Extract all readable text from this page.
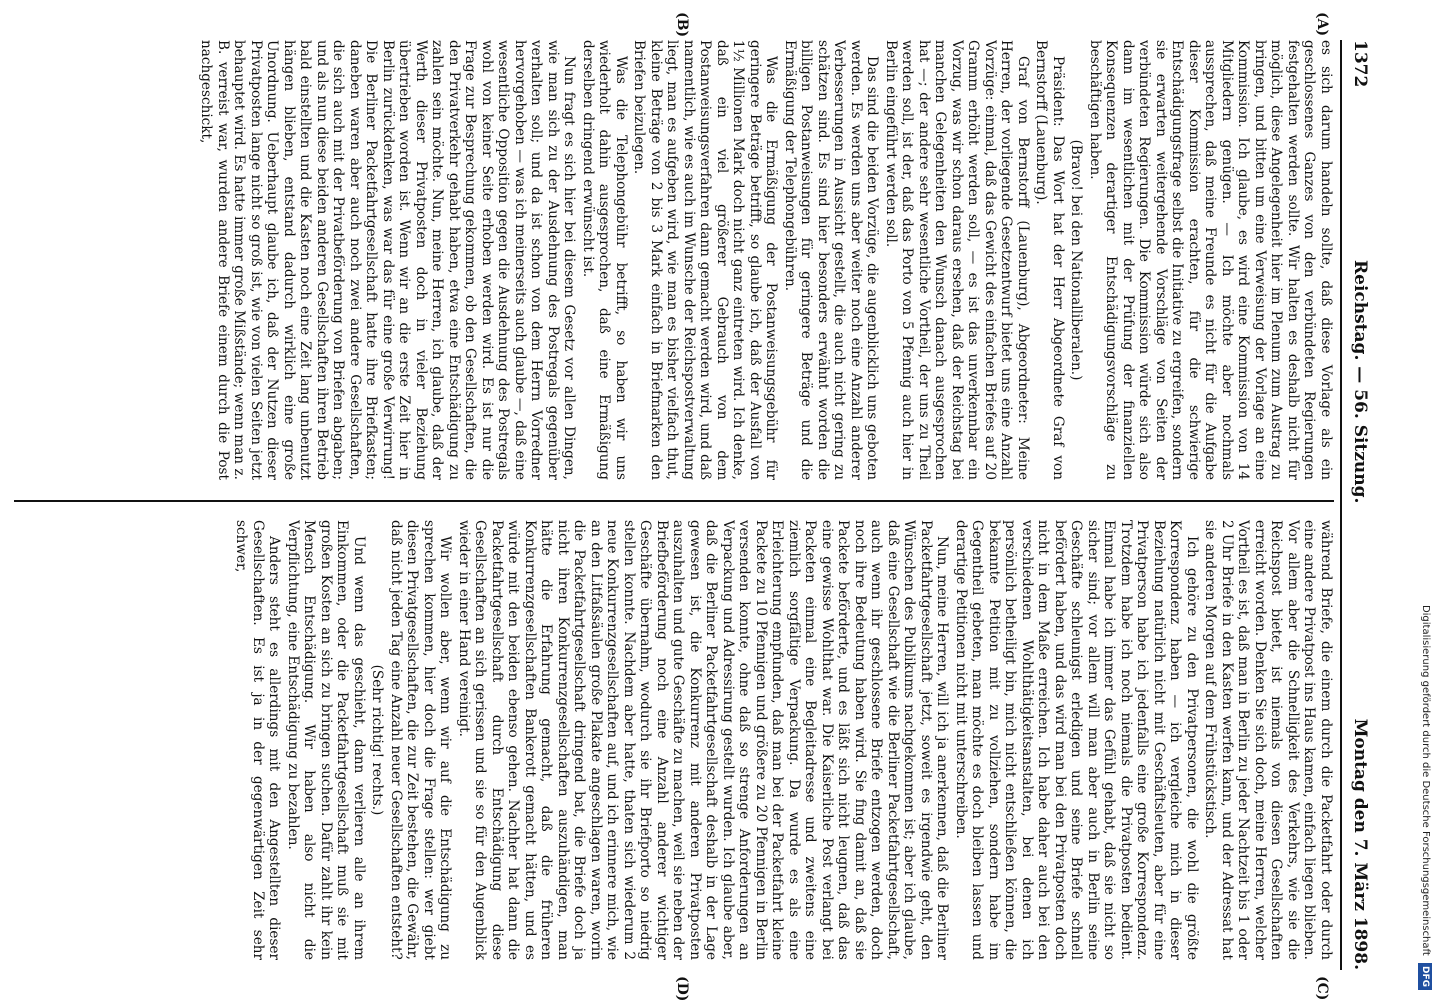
1372
Reichstag. — 56. Sitzung.
Montag den 7. März 1898.
(A)
(B)
(C)
(D)

es sich darum handeln sollte, daß diese Vorlage als ein geschlossenes Ganzes von den verbündeten Regierungen festgehalten werden sollte. Wir halten es deshalb nicht für möglich, diese Angelegenheit hier im Plenum zum Austrag zu bringen, und bitten um eine Verweisung der Vorlage an eine Kommission. Ich glaube, es wird eine Kommission von 14 Mitgliedern genügen. — Ich möchte aber nochmals aussprechen, daß meine Freunde es nicht für die Aufgabe dieser Kommission erachten, für die schwierige Entschädigungsfrage selbst die Initiative zu ergreifen, sondern sie erwarten weitergehende Vorschläge von Seiten der verbündeten Regierungen. Die Kommission würde sich also dann im wesentlichen mit der Prüfung der finanziellen Konsequenzen derartiger Entschädigungsvorschläge zu beschäftigen haben.

(Bravo! bei den Nationalliberalen.)

Präsident: Das Wort hat der Herr Abgeordnete Graf von Bernstorff (Lauenburg).

Graf von Bernstorff (Lauenburg), Abgeordneter: Meine Herren, der vorliegende Gesetzentwurf bietet uns eine Anzahl Vorzüge: einmal, daß das Gewicht des einfachen Briefes auf 20 Gramm erhöht werden soll, — es ist das unverkennbar ein Vorzug, was wir schon daraus ersehen, daß der Reichstag bei manchen Gelegenheiten den Wunsch danach ausgesprochen hat —; der andere sehr wesentliche Vortheil, der uns zu Theil werden soll, ist der, daß das Porto von 5 Pfennig auch hier in Berlin eingeführt werden soll.

Das sind die beiden Vorzüge, die augenblicklich uns geboten werden. Es werden uns aber weiter noch eine Anzahl anderer Verbesserungen in Aussicht gestellt, die auch nicht gering zu schätzen sind. Es sind hier besonders erwähnt worden die billigen Postanweisungen für geringere Beträge und die Ermäßigung der Telephongebühren.

Was die Ermäßigung der Postanweisungsgebühr für geringere Beträge betrifft, so glaube ich, daß der Ausfall von 1½ Millionen Mark doch nicht ganz eintreten wird. Ich denke, daß ein viel größerer Gebrauch von dem Postanweisungsverfahren dann gemacht werden wird, und daß namentlich, wie es auch im Wunsche der Reichspostverwaltung liegt, man es aufgeben wird, wie man es bisher vielfach thut, kleine Beträge von 2 bis 3 Mark einfach in Briefmarken den Briefen beizulegen.

Was die Telephongebühr betrifft, so haben wir uns wiederholt dahin ausgesprochen, daß eine Ermäßigung derselben dringend erwünscht ist.

Nun fragt es sich hier bei diesem Gesetz vor allen Dingen, wie man sich zu der Ausdehnung des Postregals gegenüber verhalten soll; und da ist schon von dem Herrn Vorredner hervorgehoben — was ich meinerseits auch glaube —, daß eine wesentliche Opposition gegen die Ausdehnung des Postregals wohl von keiner Seite erhoben werden wird. Es ist nur die Frage zur Besprechung gekommen, ob den Gesellschaften, die den Privatverkehr gehabt haben, etwa eine Entschädigung zu zahlen sein möchte. Nun, meine Herren, ich glaube, daß der Werth dieser Privatposten doch in vieler Beziehung übertrieben worden ist. Wenn wir an die erste Zeit hier in Berlin zurückdenken, was war das für eine große Verwirrung! Die Berliner Packetfahrtgesellschaft hatte ihre Briefkasten; daneben waren aber auch noch zwei andere Gesellschaften, die sich auch mit der Privatbeförderung von Briefen abgaben; und als nun diese beiden anderen Gesellschaften ihren Betrieb bald einstellten und die Kasten noch eine Zeit lang unbenutzt hängen blieben, entstand dadurch wirklich eine große Unordnung. Ueberhaupt glaube ich, daß der Nutzen dieser Privatposten lange nicht so groß ist, wie von vielen Seiten jetzt behauptet wird. Es hatte immer große Mißstände; wenn man z. B. verreist war, wurden andere Briefe einem durch die Post nachgeschickt,

während Briefe, die einem durch die Packetfahrt oder durch eine andere Privatpost ins Haus kamen, einfach liegen blieben. Vor allem aber die Schnelligkeit des Verkehrs, wie sie die Reichspost bietet, ist niemals von diesen Gesellschaften erreicht worden. Denken Sie sich doch, meine Herren, welcher Vortheil es ist, daß man in Berlin zu jeder Nachtzeit bis 1 oder 2 Uhr Briefe in den Kasten werfen kann, und der Adressat hat sie anderen Morgen auf dem Frühstückstisch.

Ich gehöre zu den Privatpersonen, die wohl die größte Korrespondenz haben — ich vergleiche mich in dieser Beziehung natürlich nicht mit Geschäftsleuten, aber für eine Privatperson habe ich jedenfalls eine große Korrespondenz. Trotzdem habe ich noch niemals die Privatposten bedient. Einmal habe ich immer das Gefühl gehabt, daß sie nicht so sicher sind; vor allem will man aber auch in Berlin seine Geschäfte schleunigst erledigen und seine Briefe schnell befördert haben, und das wird man bei den Privatposten doch nicht in dem Maße erreichen. Ich habe daher auch bei den verschiedenen Wohlthätigkeitsanstalten, bei denen ich persönlich betheiligt bin, mich nicht entschließen können, die bekannte Petition mit zu vollziehen, sondern habe im Gegentheil gebeten, man möchte es doch bleiben lassen und derartige Petitionen nicht mit unterschreiben.

Nun, meine Herren, will ich ja anerkennen, daß die Berliner Packetfahrtgesellschaft jetzt, soweit es irgendwie geht, den Wünschen des Publikums nachgekommen ist; aber ich glaube, daß eine Gesellschaft wie die Berliner Packetfahrtgesellschaft, auch wenn ihr geschlossene Briefe entzogen werden, doch noch ihre Bedeutung haben wird. Sie fing damit an, daß sie Packete beförderte, und es läßt sich nicht leugnen, daß das eine gewisse Wohlthat war. Die Kaiserliche Post verlangt bei Packeten einmal eine Begleitadresse und zweitens eine ziemlich sorgfältige Verpackung. Da wurde es als eine Erleichterung empfunden, daß man bei der Packetfahrt kleine Packete zu 10 Pfennigen und größere zu 20 Pfennigen in Berlin versenden konnte, ohne daß so strenge Anforderungen an Verpackung und Adressirung gestellt wurden. Ich glaube aber, daß die Berliner Packetfahrtgesellschaft deshalb in der Lage gewesen ist, die Konkurrenz mit anderen Privatposten auszuhalten und gute Geschäfte zu machen, weil sie neben der Briefbeförderung noch eine Anzahl anderer wichtiger Geschäfte übernahm, wodurch sie ihr Briefporto so niedrig stellen konnte. Nachdem aber hatte, thaten sich wiederum 2 neue Konkurrenzgesellschaften auf, und ich erinnere mich, wie an den Litfaßsäulen große Plakate angeschlagen waren, worin die Packetfahrtgesellschaft dringend bat, die Briefe doch ja nicht ihren Konkurrenzgesellschaften auszuhändigen, man hätte die Erfahrung gemacht, daß die früheren Konkurrenzgesellschaften Bankerott gemacht hätten, und es würde mit den beiden ebenso gehen. Nachher hat dann die Packetfahrtgesellschaft durch Entschädigung diese Gesellschaften an sich gerissen und sie so für den Augenblick wieder in einer Hand vereinigt.

Wir wollen aber, wenn wir auf die Entschädigung zu sprechen kommen, hier doch die Frage stellen: wer giebt diesen Privatgesellschaften, die zur Zeit bestehen, die Gewähr, daß nicht jeden Tag eine Anzahl neuer Gesellschaften entsteht?

(Sehr richtig! rechts.)

Und wenn das geschieht, dann verlieren alle an ihrem Einkommen, oder die Packetfahrtgesellschaft muß sie mit großen Kosten an sich zu bringen suchen. Dafür zahlt ihr kein Mensch Entschädigung. Wir haben also nicht die Verpflichtung, eine Entschädigung zu bezahlen.

Anders steht es allerdings mit den Angestellten dieser Gesellschaften. Es ist ja in der gegenwärtigen Zeit sehr schwer,

Digitalisierung gefördert durch die Deutsche Forschungsgemeinschaft DFG
